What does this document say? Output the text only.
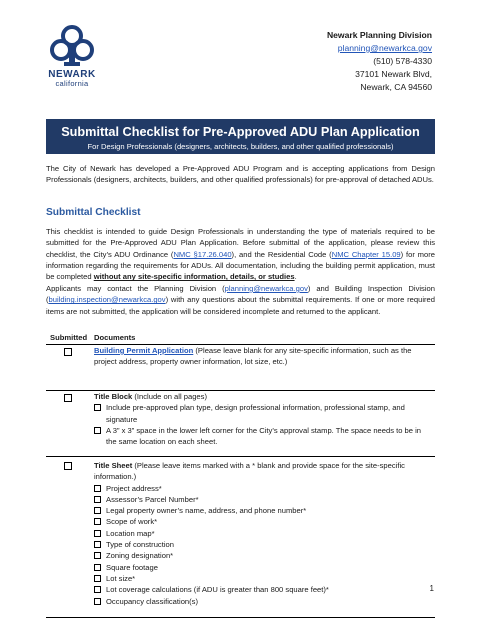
NEWARK
california
Newark Planning Division
planning@newarkca.gov
(510) 578-4330
37101 Newark Blvd,
Newark, CA 94560
Submittal Checklist for Pre-Approved ADU Plan Application
For Design Professionals (designers, architects, builders, and other qualified professionals)
The City of Newark has developed a Pre-Approved ADU Program and is accepting applications from Design Professionals (designers, architects, builders, and other qualified professionals) for pre-approval of detached ADUs.
Submittal Checklist
This checklist is intended to guide Design Professionals in understanding the type of materials required to be submitted for the Pre-Approved ADU Plan Application. Before submittal of the application, please review this checklist, the City’s ADU Ordinance (NMC §17.26.040), and the Residential Code (NMC Chapter 15.09) for more information regarding the requirements for ADUs. All documentation, including the building permit application, must be completed without any site-specific information, details, or studies.
Applicants may contact the Planning Division (planning@newarkca.gov) and Building Inspection Division (building.inspection@newarkca.gov) with any questions about the submittal requirements. If one or more required items are not submitted, the application will be considered incomplete and returned to the applicant.
Submitted Documents
Building Permit Application (Please leave blank for any site-specific information, such as the project address, property owner information, lot size, etc.)
Title Block (Include on all pages)
Include pre-approved plan type, design professional information, professional stamp, and signature
A 3” x 3” space in the lower left corner for the City’s approval stamp. The space needs to be in the same location on each sheet.
Title Sheet (Please leave items marked with a * blank and provide space for the site-specific information.)
Project address*
Assessor’s Parcel Number*
Legal property owner’s name, address, and phone number*
Scope of work*
Location map*
Type of construction
Zoning designation*
Square footage
Lot size*
Lot coverage calculations (if ADU is greater than 800 square feet)*
Occupancy classification(s)
1
